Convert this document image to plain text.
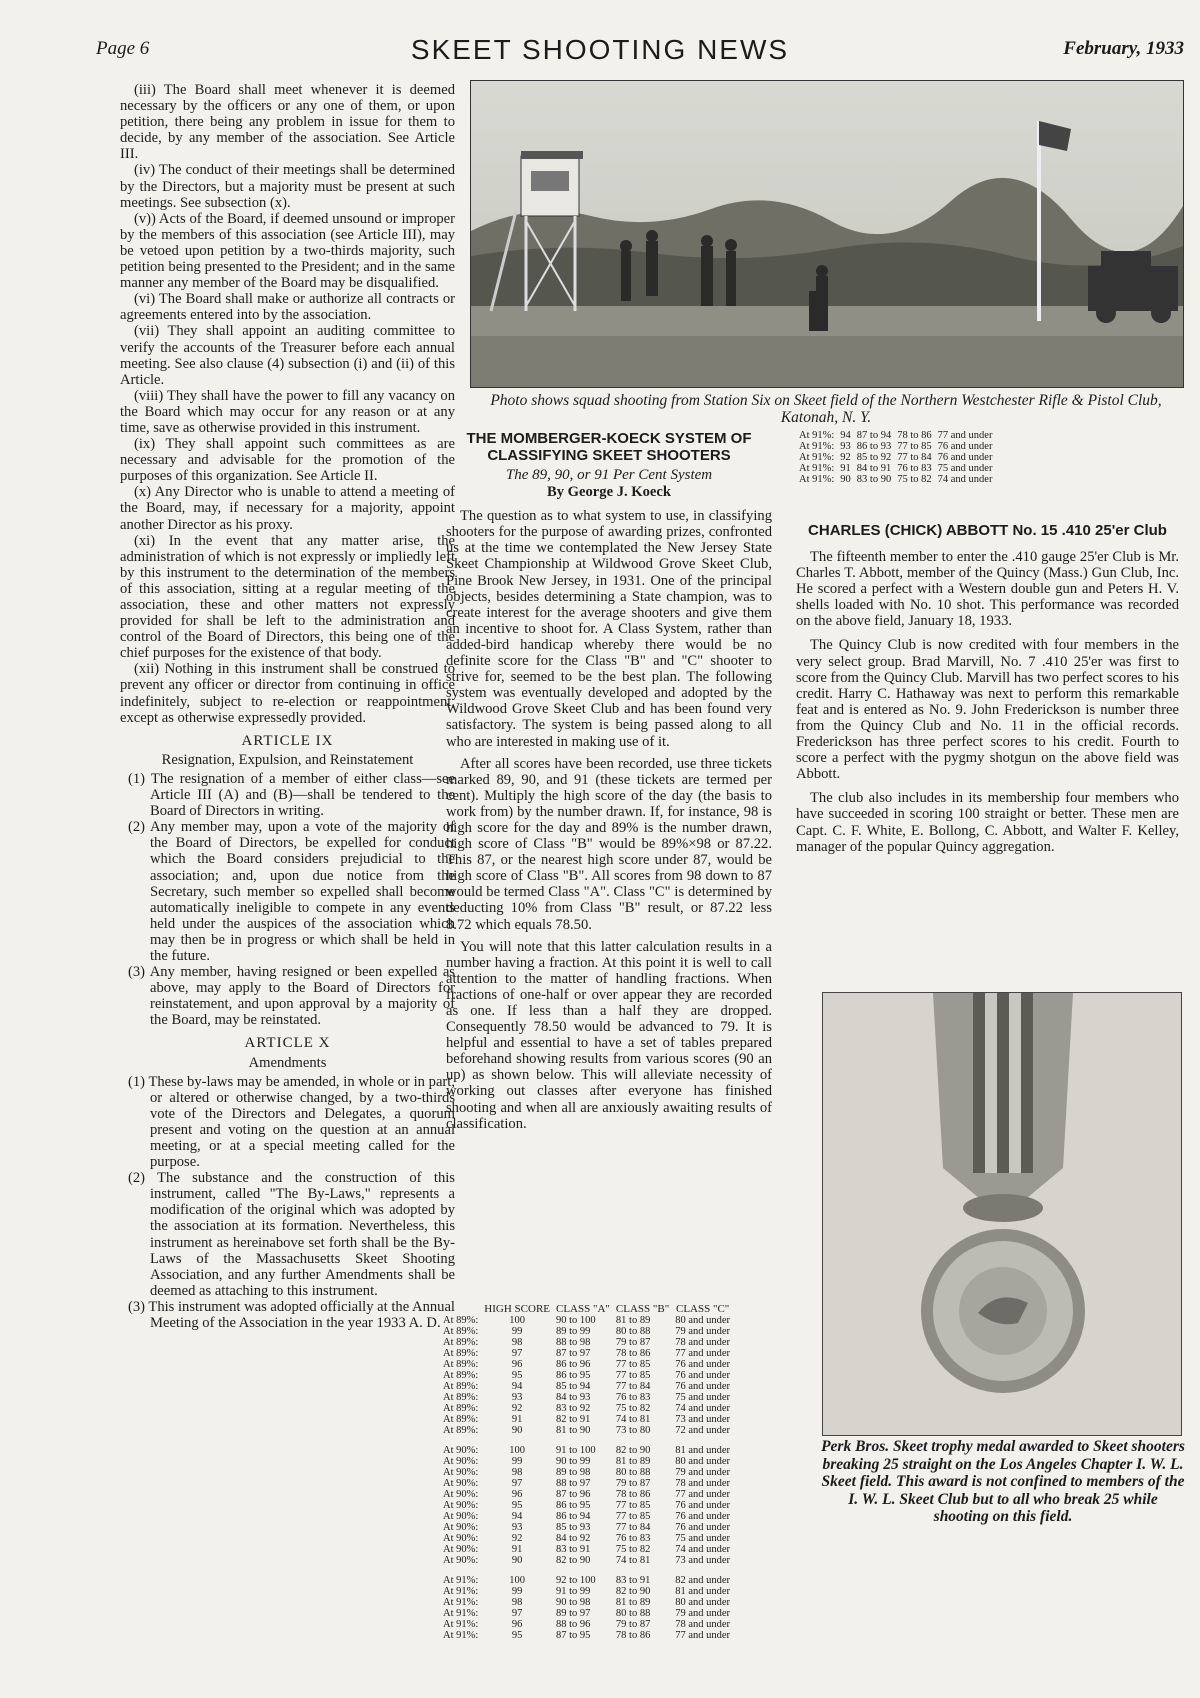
Page 6	SKEET SHOOTING NEWS	February, 1933

(iii) The Board shall meet whenever it is deemed necessary by the officers or any one of them, or upon petition, there being any problem in issue for them to decide, by any member of the association. See Article III.

(iv) The conduct of their meetings shall be determined by the Directors, but a majority must be present at such meetings. See subsection (x).

(v)) Acts of the Board, if deemed unsound or improper by the members of this association (see Article III), may be vetoed upon petition by a two-thirds majority, such petition being presented to the President; and in the same manner any member of the Board may be disqualified.

(vi) The Board shall make or authorize all contracts or agreements entered into by the association.

(vii) They shall appoint an auditing committee to verify the accounts of the Treasurer before each annual meeting. See also clause (4) subsection (i) and (ii) of this Article.

(viii) They shall have the power to fill any vacancy on the Board which may occur for any reason or at any time, save as otherwise provided in this instrument.

(ix) They shall appoint such committees as are necessary and advisable for the promotion of the purposes of this organization. See Article II.

(x) Any Director who is unable to attend a meeting of the Board, may, if necessary for a majority, appoint another Director as his proxy.

(xi) In the event that any matter arise, the administration of which is not expressly or impliedly left by this instrument to the determination of the members of this association, sitting at a regular meeting of the association, these and other matters not expressly provided for shall be left to the administration and control of the Board of Directors, this being one of the chief purposes for the existence of that body.

(xii) Nothing in this instrument shall be construed to prevent any officer or director from continuing in office indefinitely, subject to re-election or reappointment, except as otherwise expressedly provided.

ARTICLE IX

Resignation, Expulsion, and Reinstatement

(1) The resignation of a member of either class—see Article III (A) and (B)—shall be tendered to the Board of Directors in writing.

(2) Any member may, upon a vote of the majority of the Board of Directors, be expelled for conduct which the Board considers prejudicial to the association; and, upon due notice from the Secretary, such member so expelled shall become automatically ineligible to compete in any events held under the auspices of the association which may then be in progress or which shall be held in the future.

(3) Any member, having resigned or been expelled as above, may apply to the Board of Directors for reinstatement, and upon approval by a majority of the Board, may be reinstated.

ARTICLE X

Amendments

(1) These by-laws may be amended, in whole or in part, or altered or otherwise changed, by a two-thirds vote of the Directors and Delegates, a quorum present and voting on the question at an annual meeting, or at a special meeting called for the purpose.

(2) The substance and the construction of this instrument, called "The By-Laws," represents a modification of the original which was adopted by the association at its formation. Nevertheless, this instrument as hereinabove set forth shall be the By-Laws of the Massachusetts Skeet Shooting Association, and any further Amendments shall be deemed as attaching to this instrument.

(3) This instrument was adopted officially at the Annual Meeting of the Association in the year 1933 A. D.

Photo shows squad shooting from Station Six on Skeet field of the Northern Westchester Rifle & Pistol Club, Katonah, N. Y.

THE MOMBERGER-KOECK SYSTEM OF CLASSIFYING SKEET SHOOTERS

The 89, 90, or 91 Per Cent System

By George J. Koeck

The question as to what system to use, in classifying shooters for the purpose of awarding prizes, confronted us at the time we contemplated the New Jersey State Skeet Championship at Wildwood Grove Skeet Club, Pine Brook New Jersey, in 1931. One of the principal objects, besides determining a State champion, was to create interest for the average shooters and give them an incentive to shoot for. A Class System, rather than added-bird handicap whereby there would be no definite score for the Class "B" and "C" shooter to strive for, seemed to be the best plan. The following system was eventually developed and adopted by the Wildwood Grove Skeet Club and has been found very satisfactory. The system is being passed along to all who are interested in making use of it.

After all scores have been recorded, use three tickets marked 89, 90, and 91 (these tickets are termed per cent). Multiply the high score of the day (the basis to work from) by the number drawn. If, for instance, 98 is high score for the day and 89% is the number drawn, high score of Class "B" would be 89%×98 or 87.22. This 87, or the nearest high score under 87, would be high score of Class "B". All scores from 98 down to 87 would be termed Class "A". Class "C" is determined by deducting 10% from Class "B" result, or 87.22 less 8.72 which equals 78.50.

You will note that this latter calculation results in a number having a fraction. At this point it is well to call attention to the matter of handling fractions. When fractions of one-half or over appear they are recorded as one. If less than a half they are dropped. Consequently 78.50 would be advanced to 79. It is helpful and essential to have a set of tables prepared beforehand showing results from various scores (90 an up) as shown below. This will alleviate necessity of working out classes after everyone has finished shooting and when all are anxiously awaiting results of classification.

	HIGH SCORE	CLASS "A"	CLASS "B"	CLASS "C"
At 89%:	100	90 to 100	81 to 89	80 and under
At 89%:	99	89 to 99	80 to 88	79 and under
At 89%:	98	88 to 98	79 to 87	78 and under
At 89%:	97	87 to 97	78 to 86	77 and under
At 89%:	96	86 to 96	77 to 85	76 and under
At 89%:	95	86 to 95	77 to 85	76 and under
At 89%:	94	85 to 94	77 to 84	76 and under
At 89%:	93	84 to 93	76 to 83	75 and under
At 89%:	92	83 to 92	75 to 82	74 and under
At 89%:	91	82 to 91	74 to 81	73 and under
At 89%:	90	81 to 90	73 to 80	72 and under

At 90%:	100	91 to 100	82 to 90	81 and under
At 90%:	99	90 to 99	81 to 89	80 and under
At 90%:	98	89 to 98	80 to 88	79 and under
At 90%:	97	88 to 97	79 to 87	78 and under
At 90%:	96	87 to 96	78 to 86	77 and under
At 90%:	95	86 to 95	77 to 85	76 and under
At 90%:	94	86 to 94	77 to 85	76 and under
At 90%:	93	85 to 93	77 to 84	76 and under
At 90%:	92	84 to 92	76 to 83	75 and under
At 90%:	91	83 to 91	75 to 82	74 and under
At 90%:	90	82 to 90	74 to 81	73 and under

At 91%:	100	92 to 100	83 to 91	82 and under
At 91%:	99	91 to 99	82 to 90	81 and under
At 91%:	98	90 to 98	81 to 89	80 and under
At 91%:	97	89 to 97	80 to 88	79 and under
At 91%:	96	88 to 96	79 to 87	78 and under
At 91%:	95	87 to 95	78 to 86	77 and under
At 91%:	94	87 to 94	78 to 86	77 and under
At 91%:	93	86 to 93	77 to 85	76 and under
At 91%:	92	85 to 92	77 to 84	76 and under
At 91%:	91	84 to 91	76 to 83	75 and under
At 91%:	90	83 to 90	75 to 82	74 and under

CHARLES (CHICK) ABBOTT No. 15 .410 25'er Club

The fifteenth member to enter the .410 gauge 25'er Club is Mr. Charles T. Abbott, member of the Quincy (Mass.) Gun Club, Inc. He scored a perfect with a Western double gun and Peters H. V. shells loaded with No. 10 shot. This performance was recorded on the above field, January 18, 1933.

The Quincy Club is now credited with four members in the very select group. Brad Marvill, No. 7 .410 25'er was first to score from the Quincy Club. Marvill has two perfect scores to his credit. Harry C. Hathaway was next to perform this remarkable feat and is entered as No. 9. John Frederickson is number three from the Quincy Club and No. 11 in the official records. Frederickson has three perfect scores to his credit. Fourth to score a perfect with the pygmy shotgun on the above field was Abbott.

The club also includes in its membership four members who have succeeded in scoring 100 straight or better. These men are Capt. C. F. White, E. Bollong, C. Abbott, and Walter F. Kelley, manager of the popular Quincy aggregation.

Perk Bros. Skeet trophy medal awarded to Skeet shooters breaking 25 straight on the Los Angeles Chapter I. W. L. Skeet field. This award is not confined to members of the I. W. L. Skeet Club but to all who break 25 while shooting on this field.
